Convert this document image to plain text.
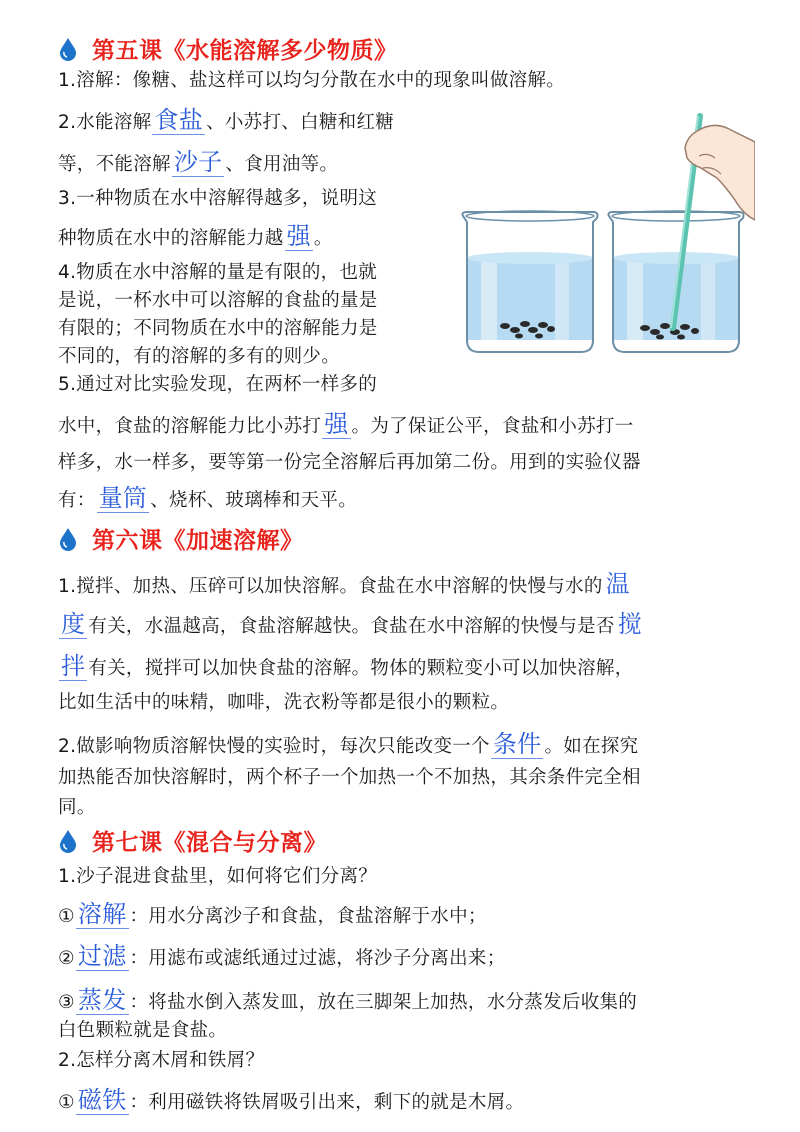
第五课《水能溶解多少物质》
1.溶解：像糖、盐这样可以均匀分散在水中的现象叫做溶解。
2.水能溶解 食盐 、小苏打、白糖和红糖
等，不能溶解 沙子 、食用油等。
3.一种物质在水中溶解得越多，说明这
种物质在水中的溶解能力越 强 。
4.物质在水中溶解的量是有限的，也就
是说，一杯水中可以溶解的食盐的量是
有限的；不同物质在水中的溶解能力是
不同的，有的溶解的多有的则少。
5.通过对比实验发现，在两杯一样多的
水中，食盐的溶解能力比小苏打 强 。为了保证公平，食盐和小苏打一
样多，水一样多，要等第一份完全溶解后再加第二份。用到的实验仪器
有： 量筒 、烧杯、玻璃棒和天平。
第六课《加速溶解》
1.搅拌、加热、压碎可以加快溶解。食盐在水中溶解的快慢与水的 温
度 有关，水温越高，食盐溶解越快。食盐在水中溶解的快慢与是否 搅
拌 有关，搅拌可以加快食盐的溶解。物体的颗粒变小可以加快溶解，
比如生活中的味精，咖啡，洗衣粉等都是很小的颗粒。
2.做影响物质溶解快慢的实验时，每次只能改变一个 条件 。如在探究
加热能否加快溶解时，两个杯子一个加热一个不加热，其余条件完全相
同。
第七课《混合与分离》
1.沙子混进食盐里，如何将它们分离？
① 溶解 ：用水分离沙子和食盐，食盐溶解于水中；
② 过滤 ：用滤布或滤纸通过过滤，将沙子分离出来；
③ 蒸发 ：将盐水倒入蒸发皿，放在三脚架上加热，水分蒸发后收集的
白色颗粒就是食盐。
2.怎样分离木屑和铁屑？
① 磁铁 ：利用磁铁将铁屑吸引出来，剩下的就是木屑。
